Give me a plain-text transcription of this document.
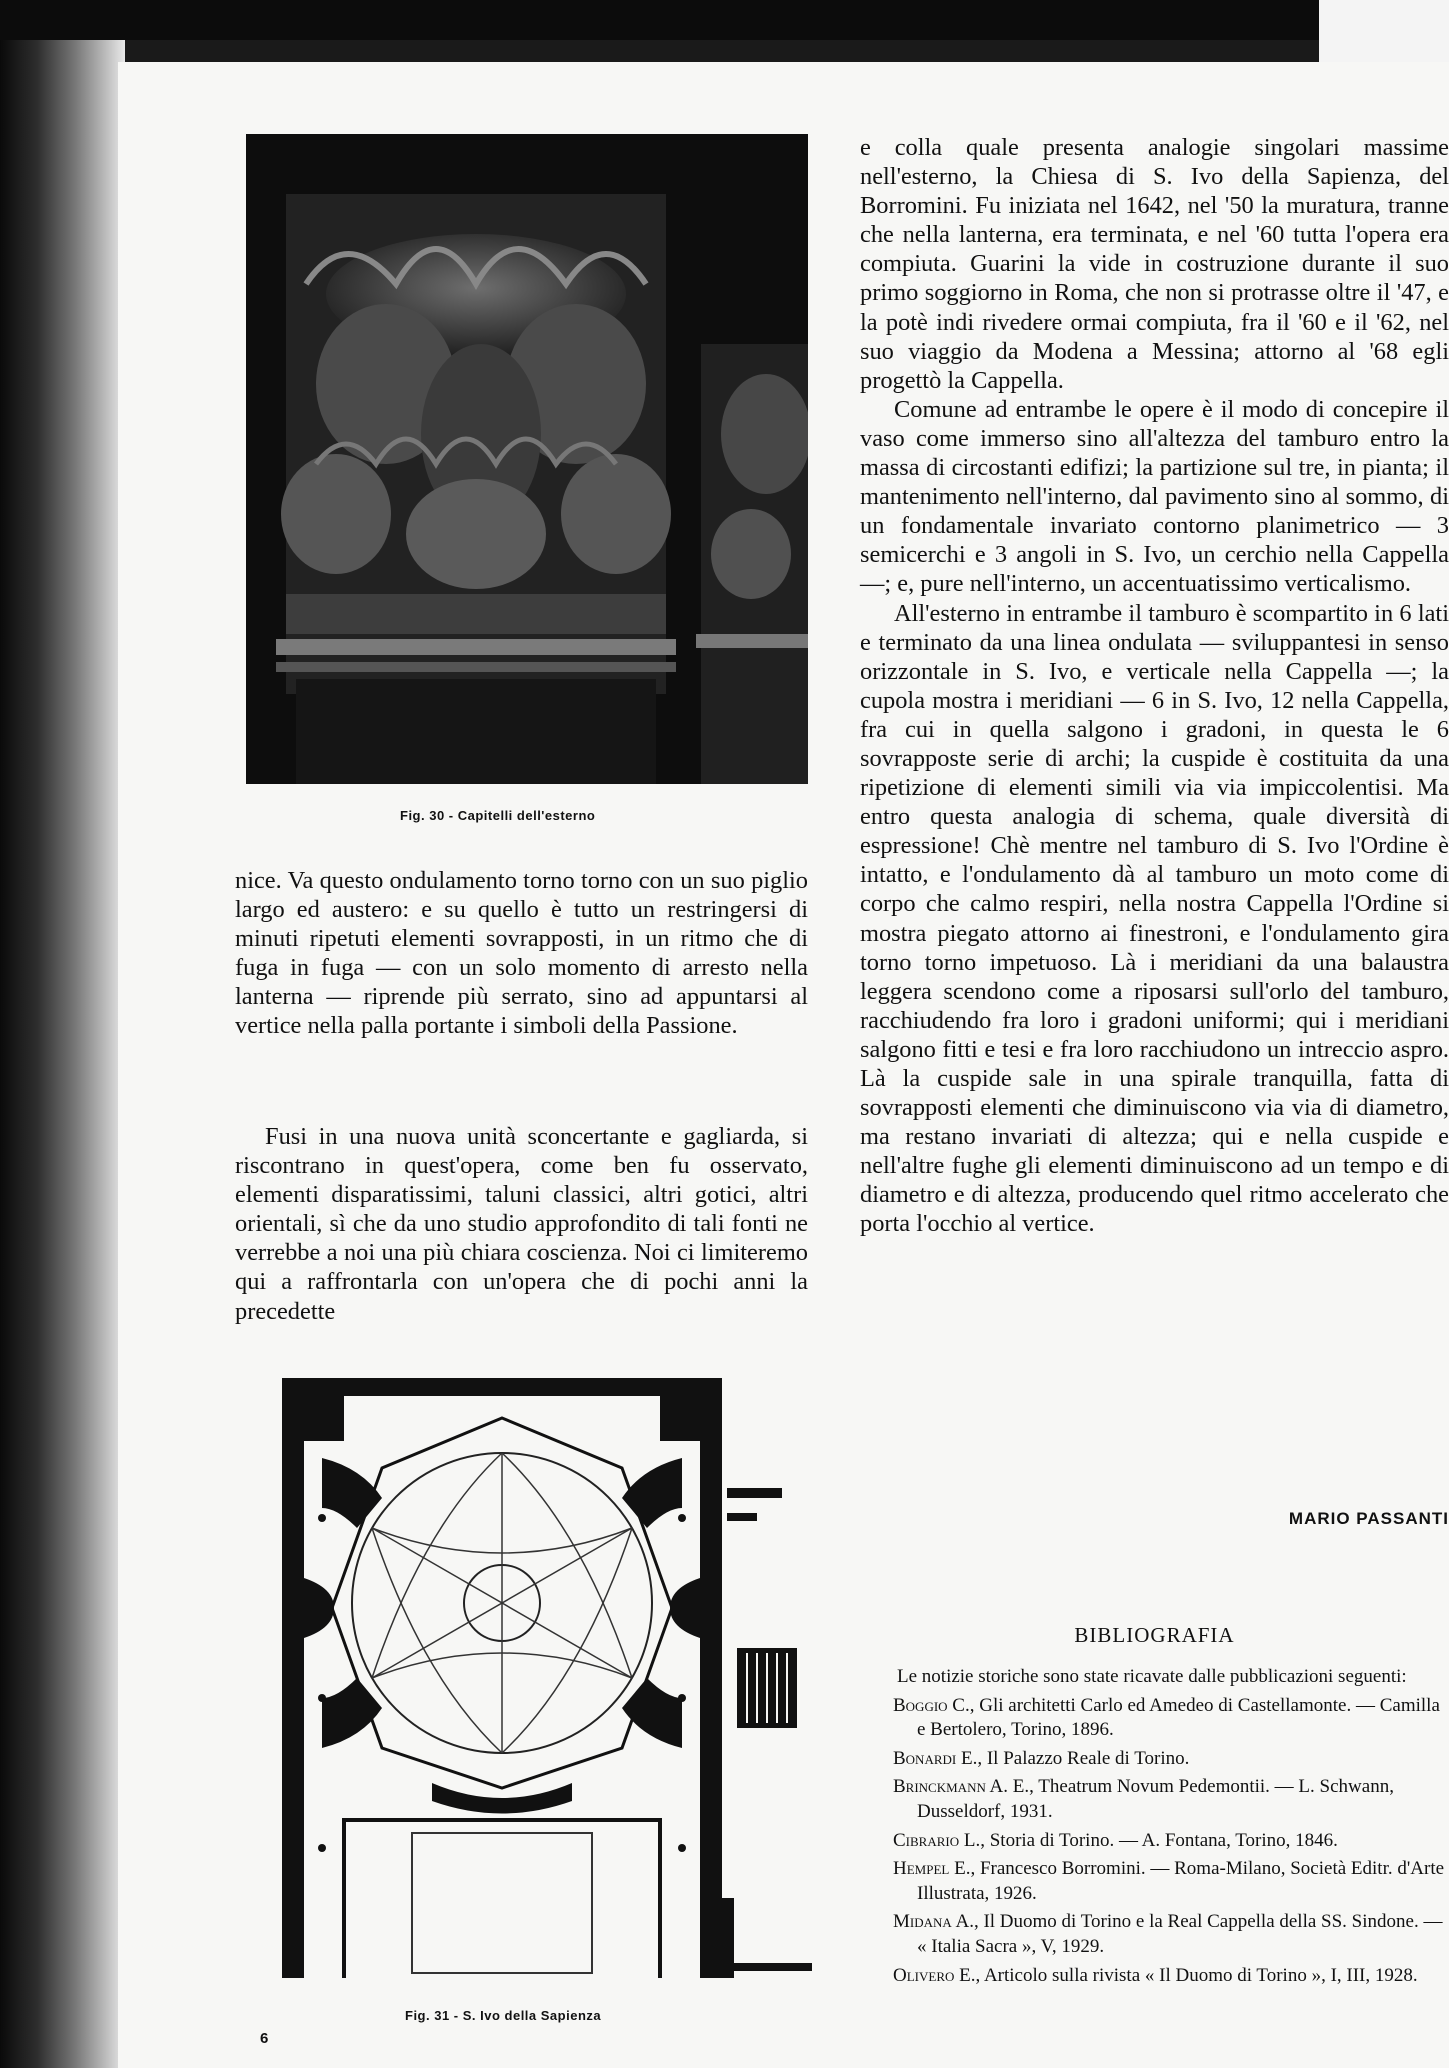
Fig. 30 - Capitelli dell'esterno

nice. Va questo ondulamento torno torno con un suo piglio largo ed austero: e su quello è tutto un restringersi di minuti ripetuti elementi sovrapposti, in un ritmo che di fuga in fuga — con un solo momento di arresto nella lanterna — riprende più serrato, sino ad appuntarsi al vertice nella palla portante i simboli della Passione.

Fusi in una nuova unità sconcertante e gagliarda, si riscontrano in quest'opera, come ben fu osservato, elementi disparatissimi, taluni classici, altri gotici, altri orientali, sì che da uno studio approfondito di tali fonti ne verrebbe a noi una più chiara coscienza. Noi ci limiteremo qui a raffrontarla con un'opera che di pochi anni la precedette

Fig. 31 - S. Ivo della Sapienza

e colla quale presenta analogie singolari massime nell'esterno, la Chiesa di S. Ivo della Sapienza, del Borromini. Fu iniziata nel 1642, nel '50 la muratura, tranne che nella lanterna, era terminata, e nel '60 tutta l'opera era compiuta. Guarini la vide in costruzione durante il suo primo soggiorno in Roma, che non si protrasse oltre il '47, e la potè indi rivedere ormai compiuta, fra il '60 e il '62, nel suo viaggio da Modena a Messina; attorno al '68 egli progettò la Cappella.

Comune ad entrambe le opere è il modo di concepire il vaso come immerso sino all'altezza del tamburo entro la massa di circostanti edifizi; la partizione sul tre, in pianta; il mantenimento nell'interno, dal pavimento sino al sommo, di un fondamentale invariato contorno planimetrico — 3 semicerchi e 3 angoli in S. Ivo, un cerchio nella Cappella —; e, pure nell'interno, un accentuatissimo verticalismo.

All'esterno in entrambe il tamburo è scompartito in 6 lati e terminato da una linea ondulata — sviluppantesi in senso orizzontale in S. Ivo, e verticale nella Cappella —; la cupola mostra i meridiani — 6 in S. Ivo, 12 nella Cappella, fra cui in quella salgono i gradoni, in questa le 6 sovrapposte serie di archi; la cuspide è costituita da una ripetizione di elementi simili via via impiccolentisi. Ma entro questa analogia di schema, quale diversità di espressione! Chè mentre nel tamburo di S. Ivo l'Ordine è intatto, e l'ondulamento dà al tamburo un moto come di corpo che calmo respiri, nella nostra Cappella l'Ordine si mostra piegato attorno ai finestroni, e l'ondulamento gira torno torno impetuoso. Là i meridiani da una balaustra leggera scendono come a riposarsi sull'orlo del tamburo, racchiudendo fra loro i gradoni uniformi; qui i meridiani salgono fitti e tesi e fra loro racchiudono un intreccio aspro. Là la cuspide sale in una spirale tranquilla, fatta di sovrapposti elementi che diminuiscono via via di diametro, ma restano invariati di altezza; qui e nella cuspide e nell'altre fughe gli elementi diminuiscono ad un tempo e di diametro e di altezza, producendo quel ritmo accelerato che porta l'occhio al vertice.

MARIO PASSANTI
BIBLIOGRAFIA

Le notizie storiche sono state ricavate dalle pubblicazioni seguenti:

Boggio C., Gli architetti Carlo ed Amedeo di Castellamonte. — Camilla e Bertolero, Torino, 1896.

Bonardi E., Il Palazzo Reale di Torino.

Brinckmann A. E., Theatrum Novum Pedemontii. — L. Schwann, Dusseldorf, 1931.

Cibrario L., Storia di Torino. — A. Fontana, Torino, 1846.

Hempel E., Francesco Borromini. — Roma-Milano, Società Editr. d'Arte Illustrata, 1926.

Midana A., Il Duomo di Torino e la Real Cappella della SS. Sindone. — « Italia Sacra », V, 1929.

Olivero E., Articolo sulla rivista « Il Duomo di Torino », I, III, 1928.

6
